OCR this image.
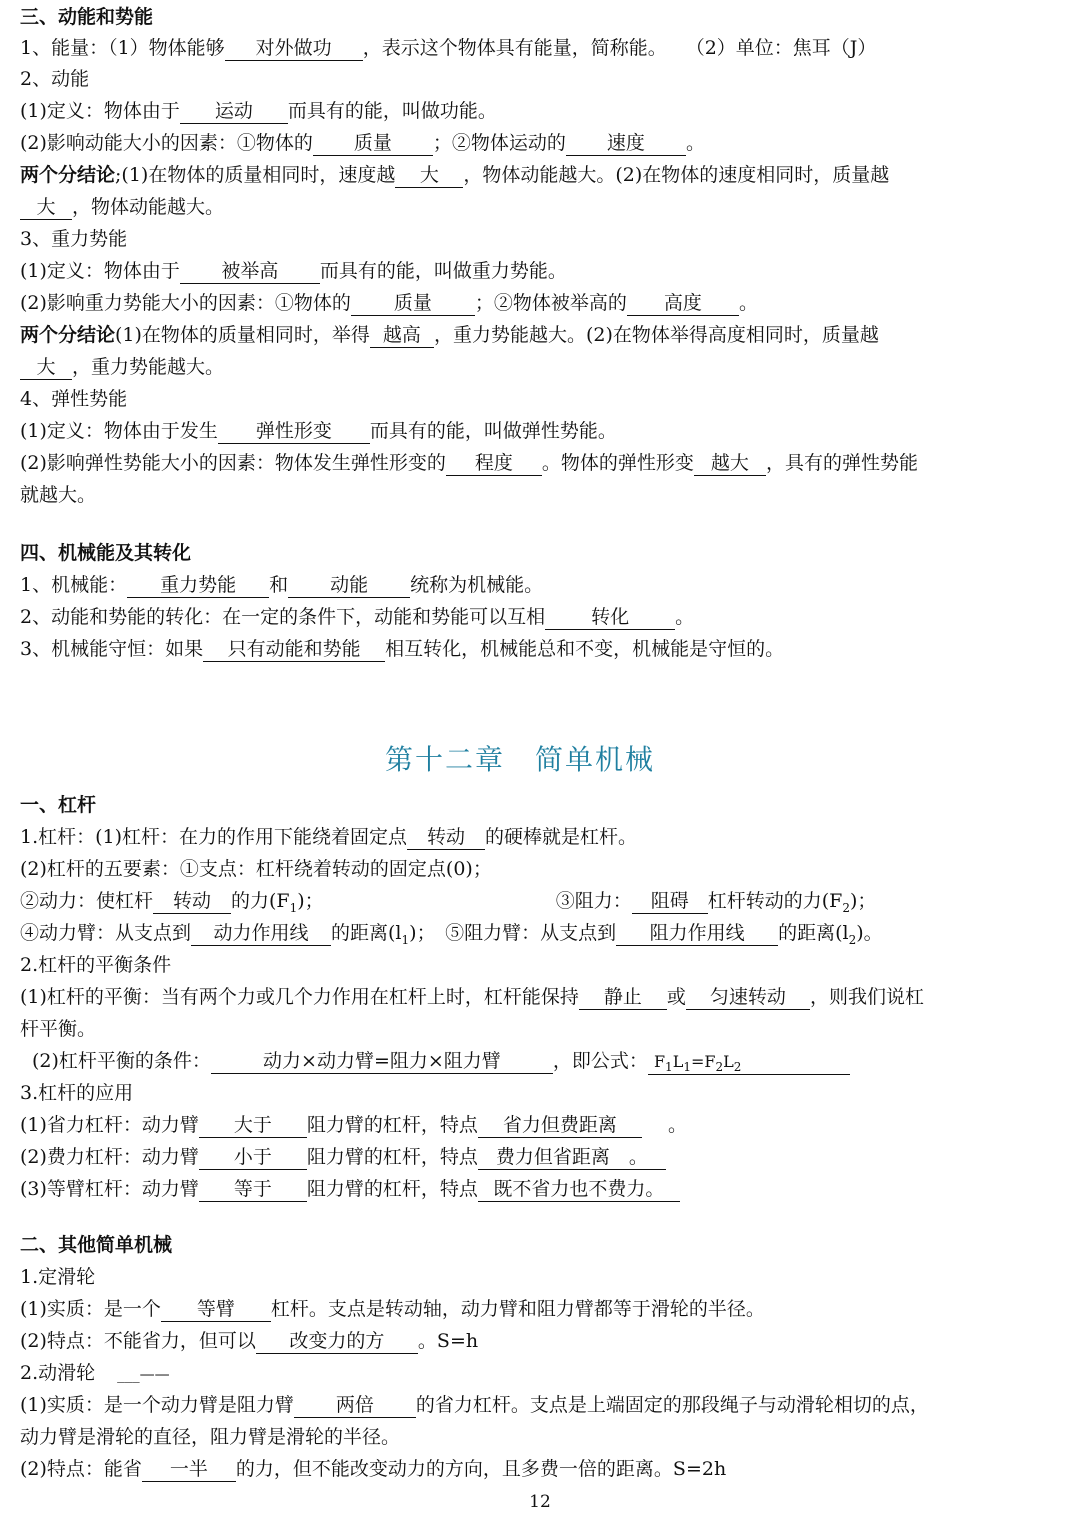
三、动能和势能
1、能量：（1）物体能够 对外做功 ，表示这个物体具有能量，简称能。　　（2）单位：焦耳（J）
2、动能
(1)定义：物体由于 运动 而具有的能，叫做功能。
(2)影响动能大小的因素：①物体的 质量 ；②物体运动的 速度 。
两个分结论;(1)在物体的质量相同时，速度越 大 ，物体动能越大。(2)在物体的速度相同时，质量越
大 ，物体动能越大。
3、重力势能
(1)定义：物体由于 被举高 而具有的能，叫做重力势能。
(2)影响重力势能大小的因素：①物体的 质量 ；②物体被举高的 高度 。
两个分结论(1)在物体的质量相同时，举得 越高 ，重力势能越大。(2)在物体举得高度相同时，质量越
大 ，重力势能越大。
4、弹性势能
(1)定义：物体由于发生 弹性形变 而具有的能，叫做弹性势能。
(2)影响弹性势能大小的因素：物体发生弹性形变的 程度 。物体的弹性形变 越大 ，具有的弹性势能
就越大。
四、机械能及其转化
1、机械能： 重力势能 和 动能 统称为机械能。
2、动能和势能的转化：在一定的条件下，动能和势能可以互相 转化 。
3、机械能守恒：如果 只有动能和势能 相互转化，机械能总和不变，机械能是守恒的。
一、杠杆
1.杠杆：(1)杠杆：在力的作用下能绕着固定点 转动 的硬棒就是杠杆。
(2)杠杆的五要素：①支点：杠杆绕着转动的固定点(0)；
②动力：使杠杆 转动 的力$(F_1)$；	③阻力： 阻碍 杠杆转动的力$(F_2)$；
④动力臂：从支点到 动力作用线 的距离$(l_1)$；　⑤阻力臂：从支点到 阻力作用线 的距离$(l_2)$。
2.杠杆的平衡条件
(1)杠杆的平衡：当有两个力或几个力作用在杠杆上时，杠杆能保持 静止 或 匀速转动 ，则我们说杠
杆平衡。
(2)杠杆平衡的条件：	动力×动力臂=阻力×阻力臂	，即公式： $F_1L_1=F_2L_2$
3.杠杆的应用
(1)省力杠杆：动力臂 大于 阻力臂的杠杆，特点 省力但费距离	。
(2)费力杠杆：动力臂 小于 阻力臂的杠杆，特点 费力但省距离　。
(3)等臂杠杆：动力臂 等于 阻力臂的杠杆，特点 既不省力也不费力。
二、其他简单机械
1.定滑轮
(1)实质：是一个 等臂 杠杆。支点是转动轴，动力臂和阻力臂都等于滑轮的半径。
(2)特点：不能省力，但可以 改变力的方 。S=h
2.动滑轮 ___——
(1)实质：是一个动力臂是阻力臂 两倍 的省力杠杆。支点是上端固定的那段绳子与动滑轮相切的点，
动力臂是滑轮的直径，阻力臂是滑轮的半径。
(2)特点：能省 一半 的力，但不能改变动力的方向，且多费一倍的距离。S=2h
第十二章　简单机械
12
